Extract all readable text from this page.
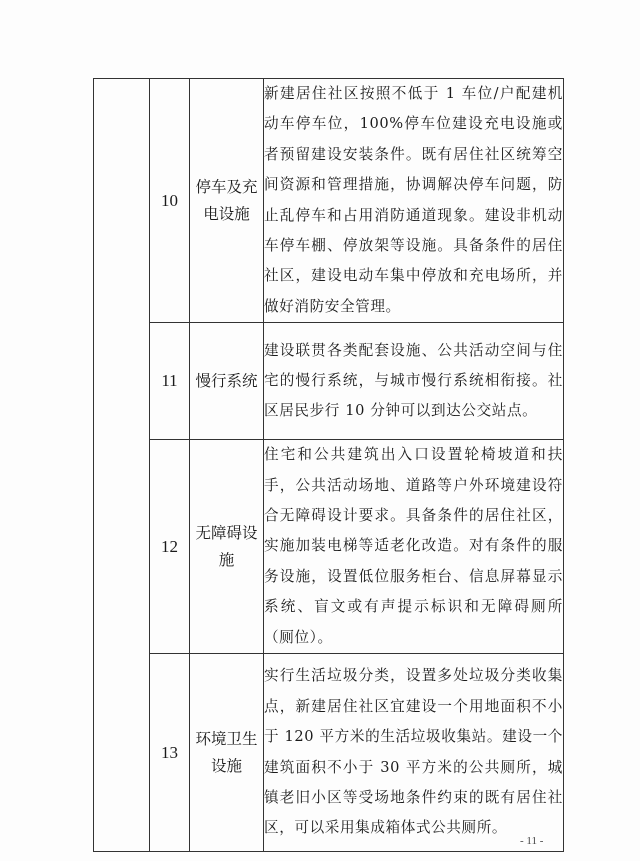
	10	停车及充电设施	新建居住社区按照不低于 1 车位/户配建机动车停车位，100%停车位建设充电设施或者预留建设安装条件。既有居住社区统筹空间资源和管理措施，协调解决停车问题，防止乱停车和占用消防通道现象。建设非机动车停车棚、停放架等设施。具备条件的居住社区，建设电动车集中停放和充电场所，并做好消防安全管理。
	11	慢行系统	建设联贯各类配套设施、公共活动空间与住宅的慢行系统，与城市慢行系统相衔接。社区居民步行 10 分钟可以到达公交站点。
	12	无障碍设施	住宅和公共建筑出入口设置轮椅坡道和扶手，公共活动场地、道路等户外环境建设符合无障碍设计要求。具备条件的居住社区，实施加装电梯等适老化改造。对有条件的服务设施，设置低位服务柜台、信息屏幕显示系统、盲文或有声提示标识和无障碍厕所（厕位）。
	13	环境卫生设施	实行生活垃圾分类，设置多处垃圾分类收集点，新建居住社区宜建设一个用地面积不小于 120 平方米的生活垃圾收集站。建设一个建筑面积不小于 30 平方米的公共厕所，城镇老旧小区等受场地条件约束的既有居住社区，可以采用集成箱体式公共厕所。
- 11 -
